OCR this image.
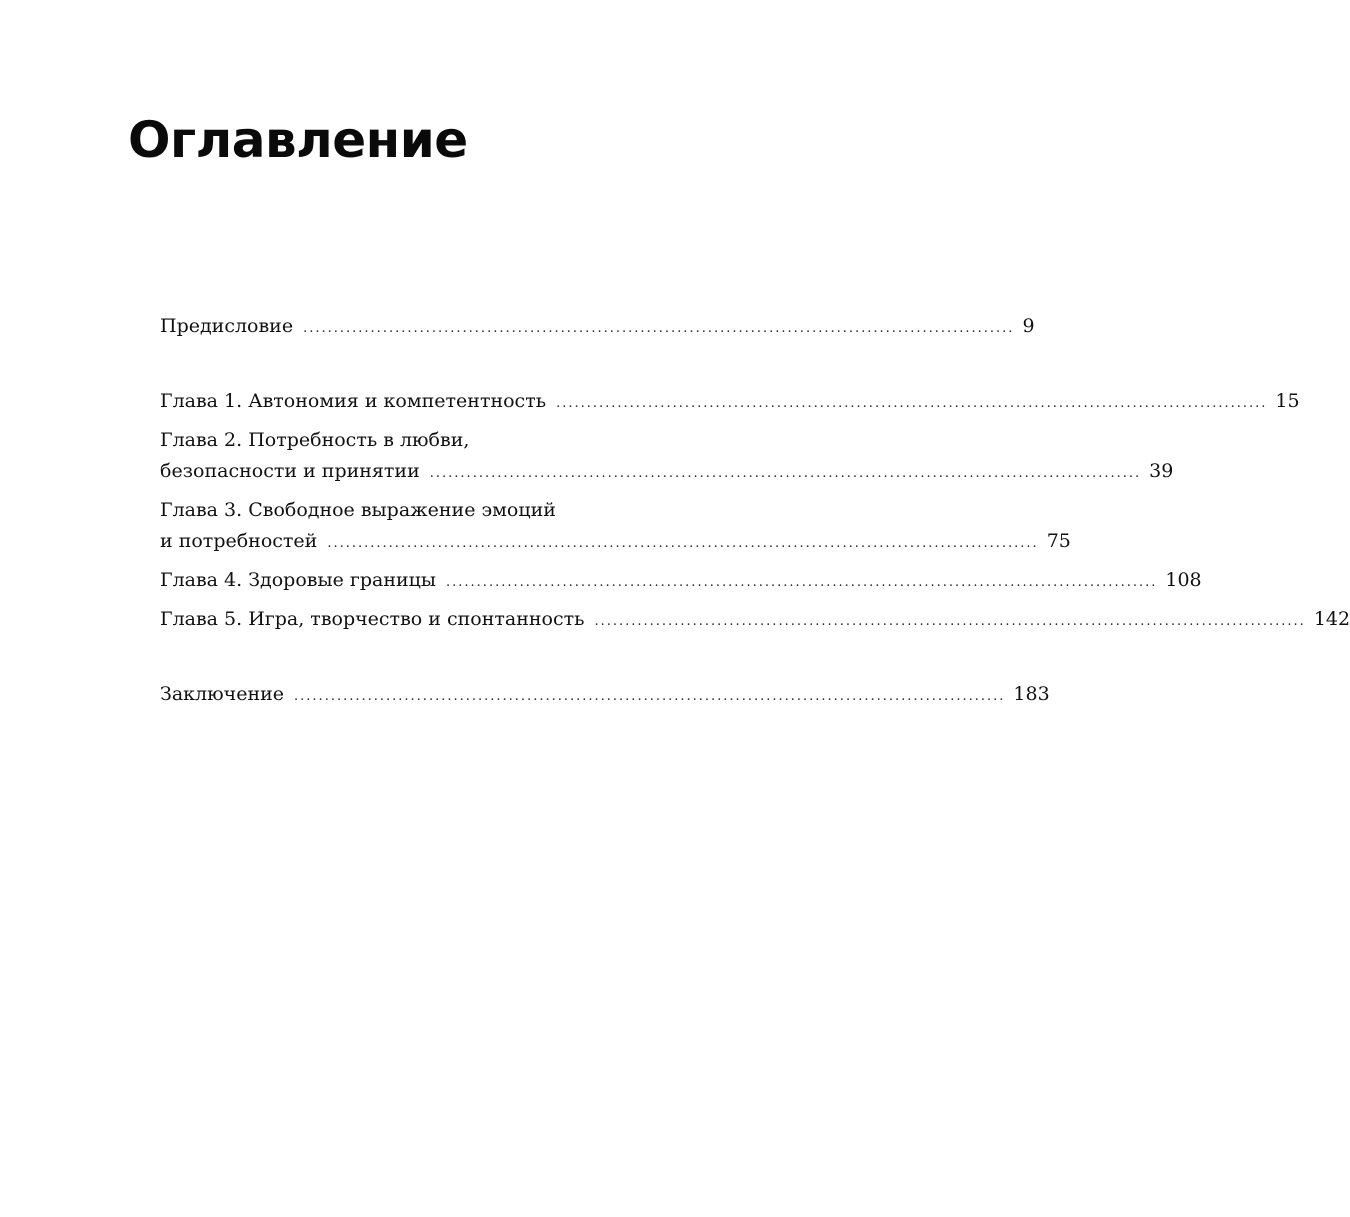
Оглавление
Предисловие .................................................................................................................... 9
Глава 1. Автономия и компетентность .................................................................................................................... 15
Глава 2. Потребность в любви,
безопасности и принятии .................................................................................................................... 39
Глава 3. Свободное выражение эмоций
и потребностей .................................................................................................................... 75
Глава 4. Здоровые границы .................................................................................................................... 108
Глава 5. Игра, творчество и спонтанность .................................................................................................................... 142
Заключение .................................................................................................................... 183
